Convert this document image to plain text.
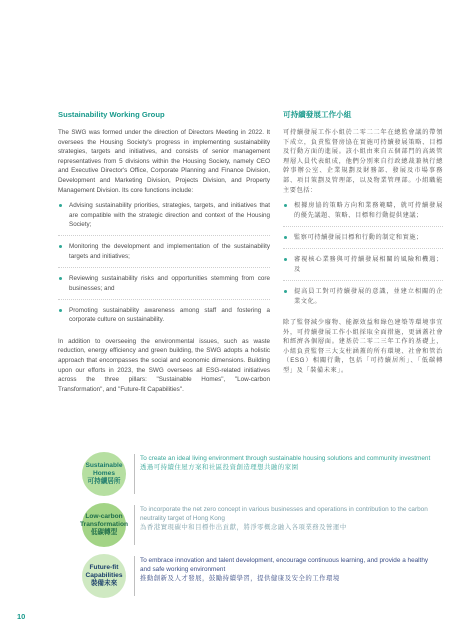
Sustainability Working Group

The SWG was formed under the direction of Directors Meeting in 2022. It oversees the Housing Society's progress in implementing sustainability strategies, targets and initiatives, and consists of senior management representatives from 5 divisions within the Housing Society, namely CEO and Executive Director's Office, Corporate Planning and Finance Division, Development and Marketing Division, Projects Division, and Property Management Division. Its core functions include:

Advising sustainability priorities, strategies, targets, and initiatives that are compatible with the strategic direction and context of the Housing Society;
Monitoring the development and implementation of the sustainability targets and initiatives;
Reviewing sustainability risks and opportunities stemming from core businesses; and
Promoting sustainability awareness among staff and fostering a corporate culture on sustainability.

In addition to overseeing the environmental issues, such as waste reduction, energy efficiency and green building, the SWG adopts a holistic approach that encompasses the social and economic dimensions. Building upon our efforts in 2023, the SWG oversees all ESG-related initiatives across the three pillars: "Sustainable Homes", "Low-carbon Transformation", and "Future-fit Capabilities".

可持續發展工作小組

可持續發展工作小組於二零二二年在總監會議的帶領下成立，負責監督房協在實施可持續發展策略、目標及行動方面的進展。該小組由來自五個部門的高級管理層人員代表組成，他們分別來自行政總裁兼執行總幹事辦公室、企業規劃及財務部、發展及市場事務部、項目策劃及管理部，以及物業管理部。小組職能主要包括：

根據房協的策略方向和業務範疇，就可持續發展的優先議題、策略、目標和行動提供建議；
監察可持續發展目標和行動的制定和實施；
審視核心業務與可持續發展相關的風險和機遇；及
提高員工對可持續發展的意識，並建立相關的企業文化。

除了監督減少廢物、能源效益和綠色建築等環境事宜外，可持續發展工作小組採取全面措施，更涵蓋社會和經濟各個層面。建基於二零二三年工作的基礎上，小組負責監督三大支柱涵蓋的所有環境、社會和管治（ESG）相關行動，包括「可持續居所」、「低碳轉型」及「裝備未來」。

Sustainable
Homes
可持續居所
To create an ideal living environment through sustainable housing solutions and community investment
透過可持續住屋方案和社區投資創造理想共融的家園
Low-carbon
Transformation
低碳轉型
To incorporate the net zero concept in various businesses and operations in contribution to the carbon neutrality target of Hong Kong
為香港實現碳中和目標作出貢獻，將淨零概念融入各項業務及營運中
Future-fit
Capabilities
裝備未來
To embrace innovation and talent development, encourage continuous learning, and provide a healthy and safe working environment
推動創新及人才發展，鼓勵持續學習，提供健康及安全的工作環境
10
